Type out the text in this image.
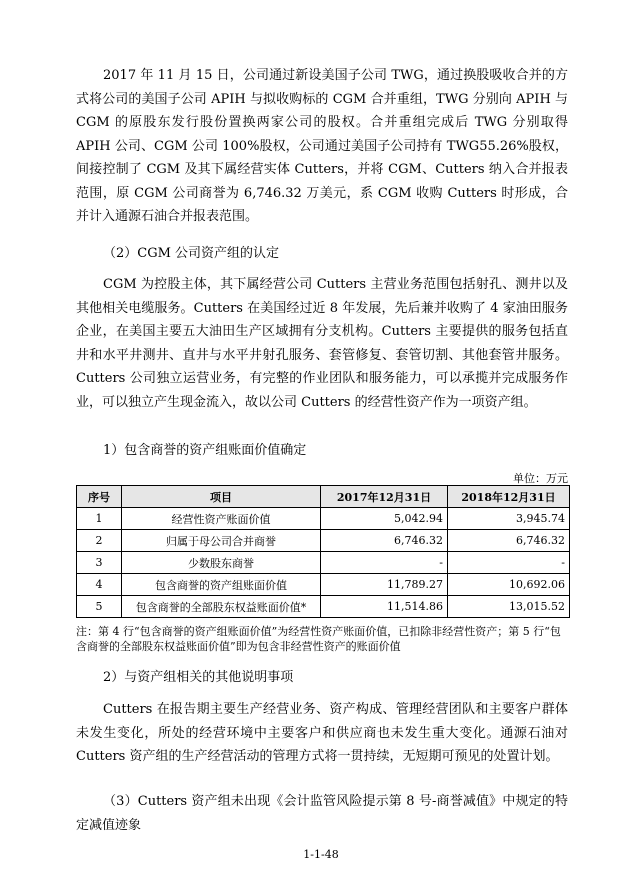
2017 年 11 月 15 日，公司通过新设美国子公司 TWG，通过换股吸收合并的方式将公司的美国子公司 APIH 与拟收购标的 CGM 合并重组，TWG 分别向 APIH 与 CGM 的原股东发行股份置换两家公司的股权。合并重组完成后 TWG 分别取得 APIH 公司、CGM 公司 100%股权，公司通过美国子公司持有 TWG55.26%股权，间接控制了 CGM 及其下属经营实体 Cutters，并将 CGM、Cutters 纳入合并报表范围，原 CGM 公司商誉为 6,746.32 万美元，系 CGM 收购 Cutters 时形成，合并计入通源石油合并报表范围。

（2）CGM 公司资产组的认定

CGM 为控股主体，其下属经营公司 Cutters 主营业务范围包括射孔、测井以及其他相关电缆服务。Cutters 在美国经过近 8 年发展，先后兼并收购了 4 家油田服务企业，在美国主要五大油田生产区域拥有分支机构。Cutters 主要提供的服务包括直井和水平井测井、直井与水平井射孔服务、套管修复、套管切割、其他套管井服务。Cutters 公司独立运营业务，有完整的作业团队和服务能力，可以承揽并完成服务作业，可以独立产生现金流入，故以公司 Cutters 的经营性资产作为一项资产组。

1）包含商誉的资产组账面价值确定

单位：万元

序号	项目	2017年12月31日	2018年12月31日
1	经营性资产账面价值	5,042.94	3,945.74
2	归属于母公司合并商誉	6,746.32	6,746.32
3	少数股东商誉	-	-
4	包含商誉的资产组账面价值	11,789.27	10,692.06
5	包含商誉的全部股东权益账面价值*	11,514.86	13,015.52

注：第 4 行“包含商誉的资产组账面价值”为经营性资产账面价值，已扣除非经营性资产；第 5 行“包含商誉的全部股东权益账面价值”即为包含非经营性资产的账面价值

2）与资产组相关的其他说明事项

Cutters 在报告期主要生产经营业务、资产构成、管理经营团队和主要客户群体未发生变化，所处的经营环境中主要客户和供应商也未发生重大变化。通源石油对 Cutters 资产组的生产经营活动的管理方式将一贯持续，无短期可预见的处置计划。

（3）Cutters 资产组未出现《会计监管风险提示第 8 号-商誉减值》中规定的特定减值迹象

1-1-48
